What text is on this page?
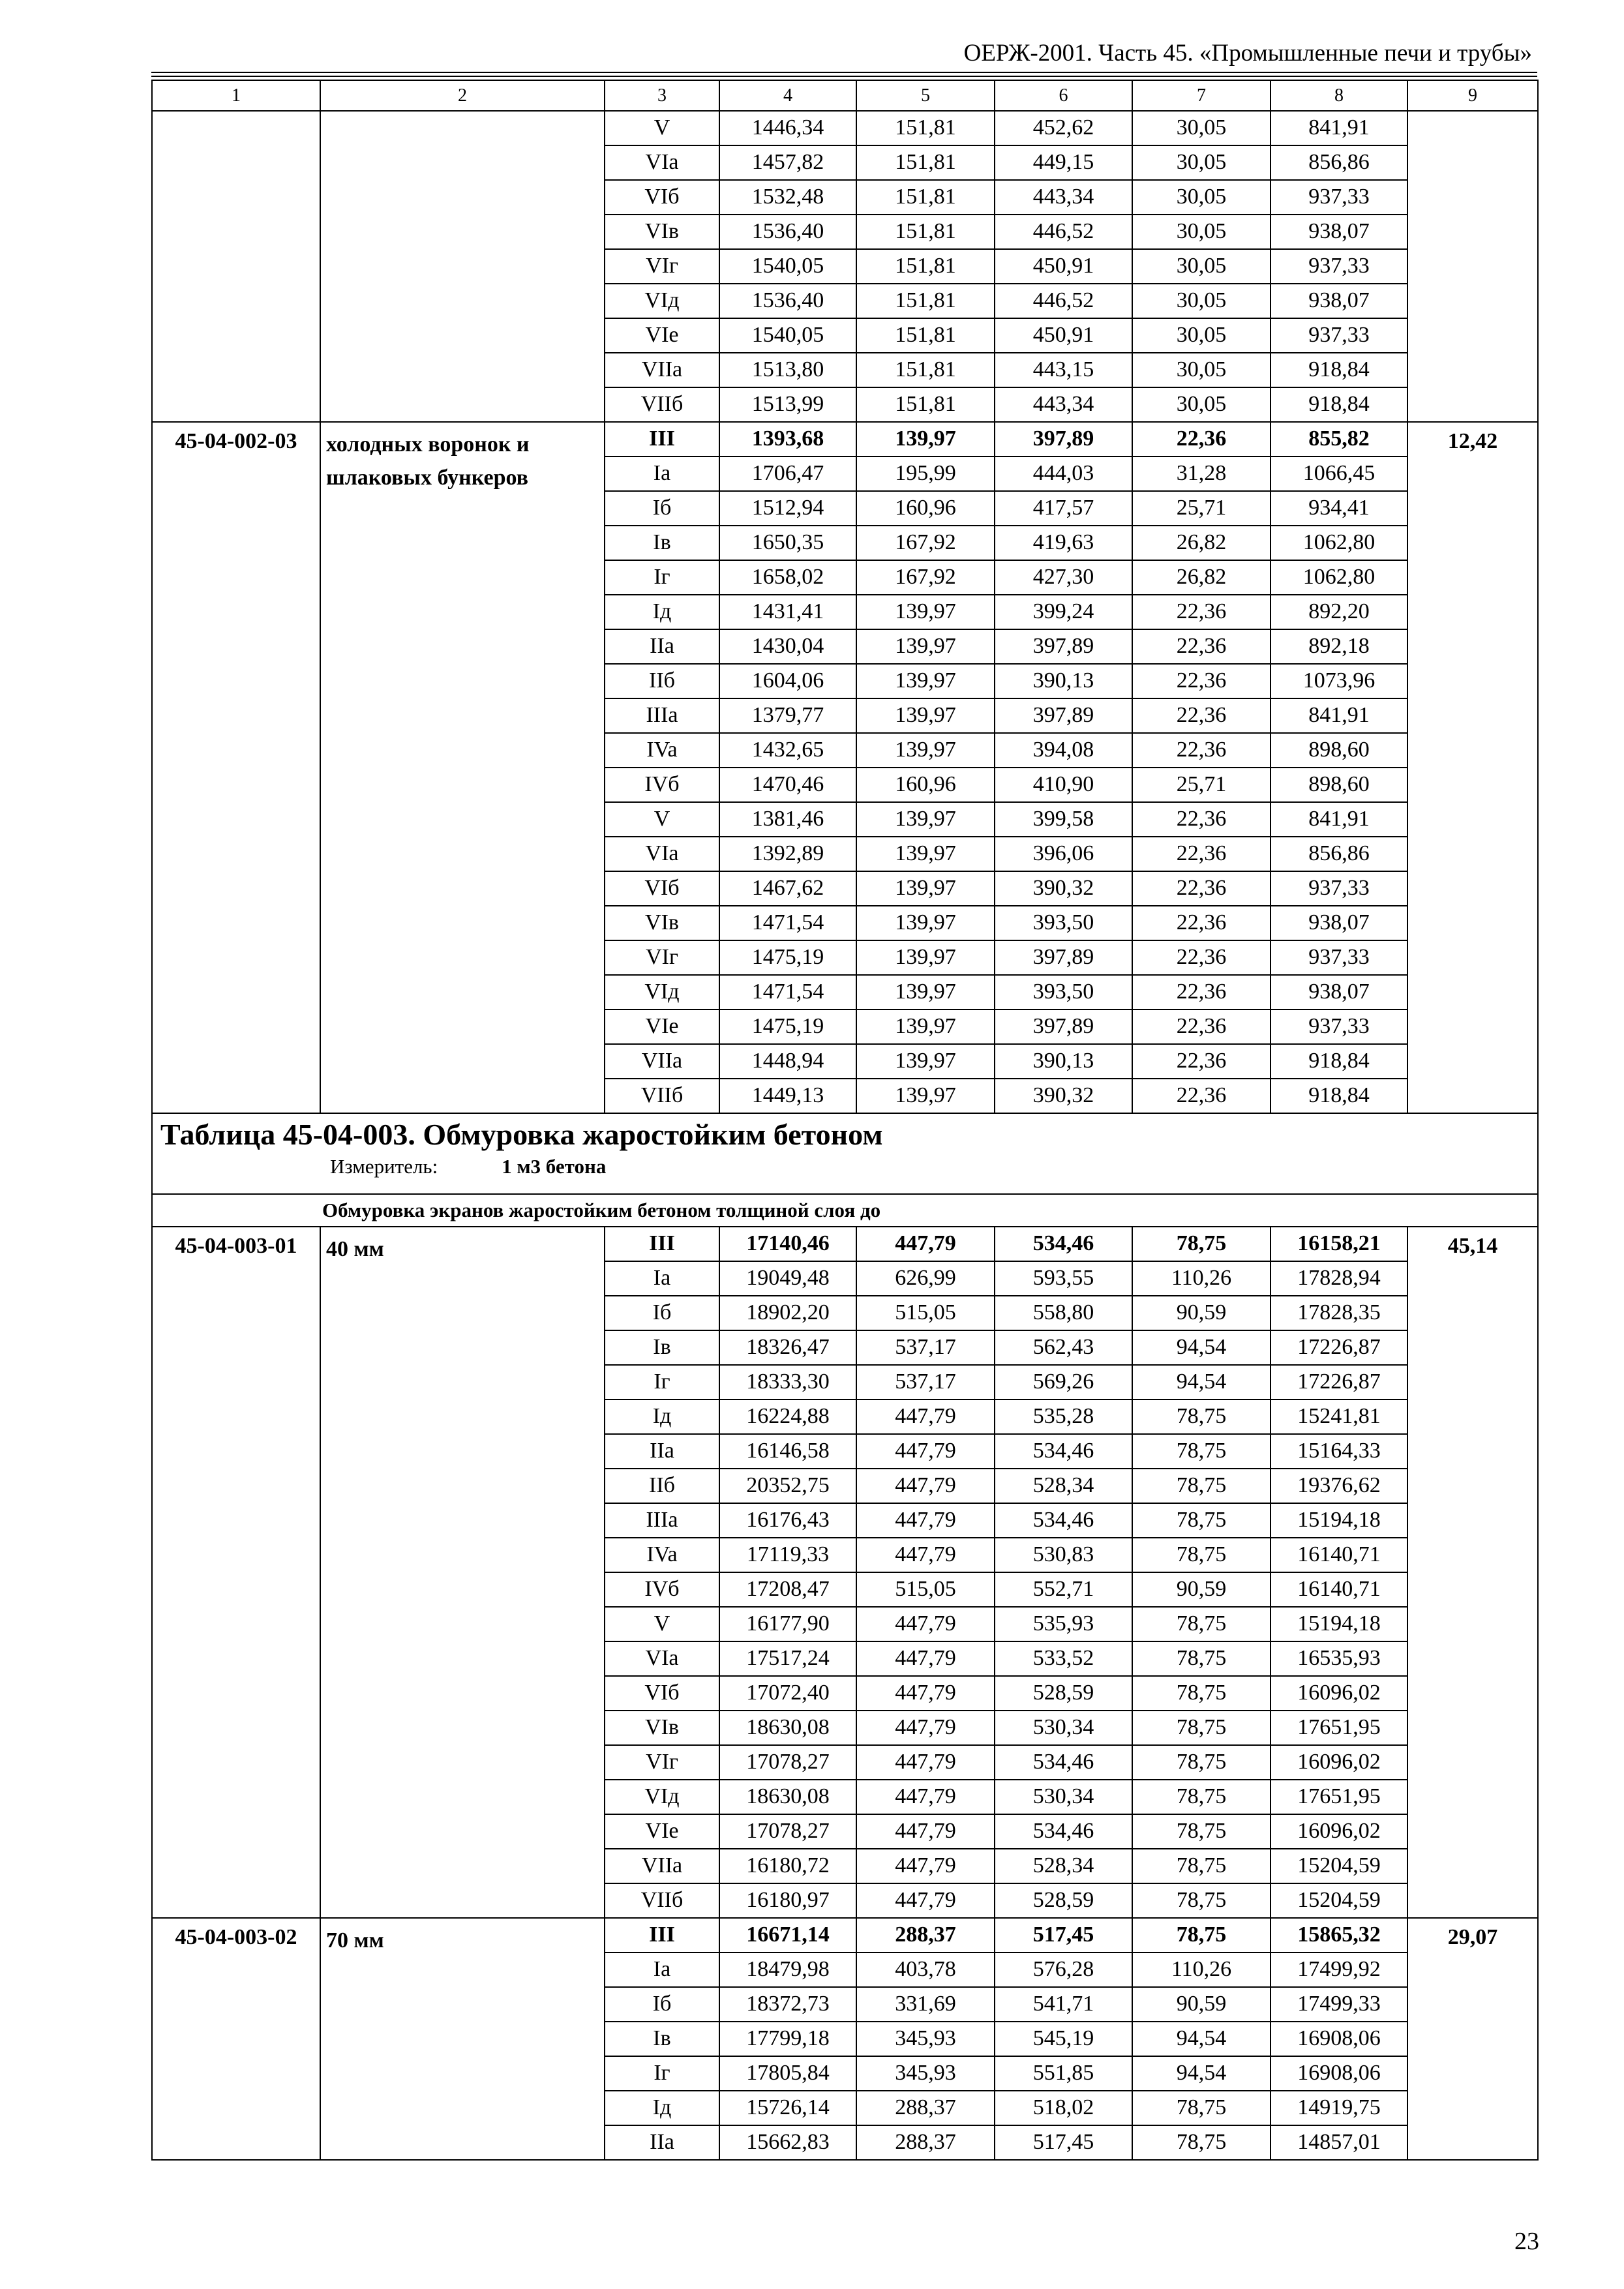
ОЕРЖ-2001. Часть 45. «Промышленные печи и трубы»
1	2	3	4	5	6	7	8	9
		V	1446,34	151,81	452,62	30,05	841,91	
		VIa	1457,82	151,81	449,15	30,05	856,86	
		VIб	1532,48	151,81	443,34	30,05	937,33	
		VIв	1536,40	151,81	446,52	30,05	938,07	
		VIг	1540,05	151,81	450,91	30,05	937,33	
		VIд	1536,40	151,81	446,52	30,05	938,07	
		VIe	1540,05	151,81	450,91	30,05	937,33	
		VIIa	1513,80	151,81	443,15	30,05	918,84	
		VIIб	1513,99	151,81	443,34	30,05	918,84	
45-04-002-03	холодных воронок и шлаковых бункеров	III	1393,68	139,97	397,89	22,36	855,82	12,42
		Ia	1706,47	195,99	444,03	31,28	1066,45	
		Iб	1512,94	160,96	417,57	25,71	934,41	
		Iв	1650,35	167,92	419,63	26,82	1062,80	
		Iг	1658,02	167,92	427,30	26,82	1062,80	
		Iд	1431,41	139,97	399,24	22,36	892,20	
		IIa	1430,04	139,97	397,89	22,36	892,18	
		IIб	1604,06	139,97	390,13	22,36	1073,96	
		IIIa	1379,77	139,97	397,89	22,36	841,91	
		IVa	1432,65	139,97	394,08	22,36	898,60	
		IVб	1470,46	160,96	410,90	25,71	898,60	
		V	1381,46	139,97	399,58	22,36	841,91	
		VIa	1392,89	139,97	396,06	22,36	856,86	
		VIб	1467,62	139,97	390,32	22,36	937,33	
		VIв	1471,54	139,97	393,50	22,36	938,07	
		VIг	1475,19	139,97	397,89	22,36	937,33	
		VIд	1471,54	139,97	393,50	22,36	938,07	
		VIe	1475,19	139,97	397,89	22,36	937,33	
		VIIa	1448,94	139,97	390,13	22,36	918,84	
		VIIб	1449,13	139,97	390,32	22,36	918,84	

Таблица 45-04-003. Обмуровка жаростойким бетоном
Измеритель: 1 м3 бетона								

Обмуровка экранов жаростойким бетоном толщиной слоя до								
45-04-003-01	40 мм	III	17140,46	447,79	534,46	78,75	16158,21	45,14
		Ia	19049,48	626,99	593,55	110,26	17828,94	
		Iб	18902,20	515,05	558,80	90,59	17828,35	
		Iв	18326,47	537,17	562,43	94,54	17226,87	
		Iг	18333,30	537,17	569,26	94,54	17226,87	
		Iд	16224,88	447,79	535,28	78,75	15241,81	
		IIa	16146,58	447,79	534,46	78,75	15164,33	
		IIб	20352,75	447,79	528,34	78,75	19376,62	
		IIIa	16176,43	447,79	534,46	78,75	15194,18	
		IVa	17119,33	447,79	530,83	78,75	16140,71	
		IVб	17208,47	515,05	552,71	90,59	16140,71	
		V	16177,90	447,79	535,93	78,75	15194,18	
		VIa	17517,24	447,79	533,52	78,75	16535,93	
		VIб	17072,40	447,79	528,59	78,75	16096,02	
		VIв	18630,08	447,79	530,34	78,75	17651,95	
		VIг	17078,27	447,79	534,46	78,75	16096,02	
		VIд	18630,08	447,79	530,34	78,75	17651,95	
		VIe	17078,27	447,79	534,46	78,75	16096,02	
		VIIa	16180,72	447,79	528,34	78,75	15204,59	
		VIIб	16180,97	447,79	528,59	78,75	15204,59	
45-04-003-02	70 мм	III	16671,14	288,37	517,45	78,75	15865,32	29,07
		Ia	18479,98	403,78	576,28	110,26	17499,92	
		Iб	18372,73	331,69	541,71	90,59	17499,33	
		Iв	17799,18	345,93	545,19	94,54	16908,06	
		Iг	17805,84	345,93	551,85	94,54	16908,06	
		Iд	15726,14	288,37	518,02	78,75	14919,75	
		IIa	15662,83	288,37	517,45	78,75	14857,01	
23
